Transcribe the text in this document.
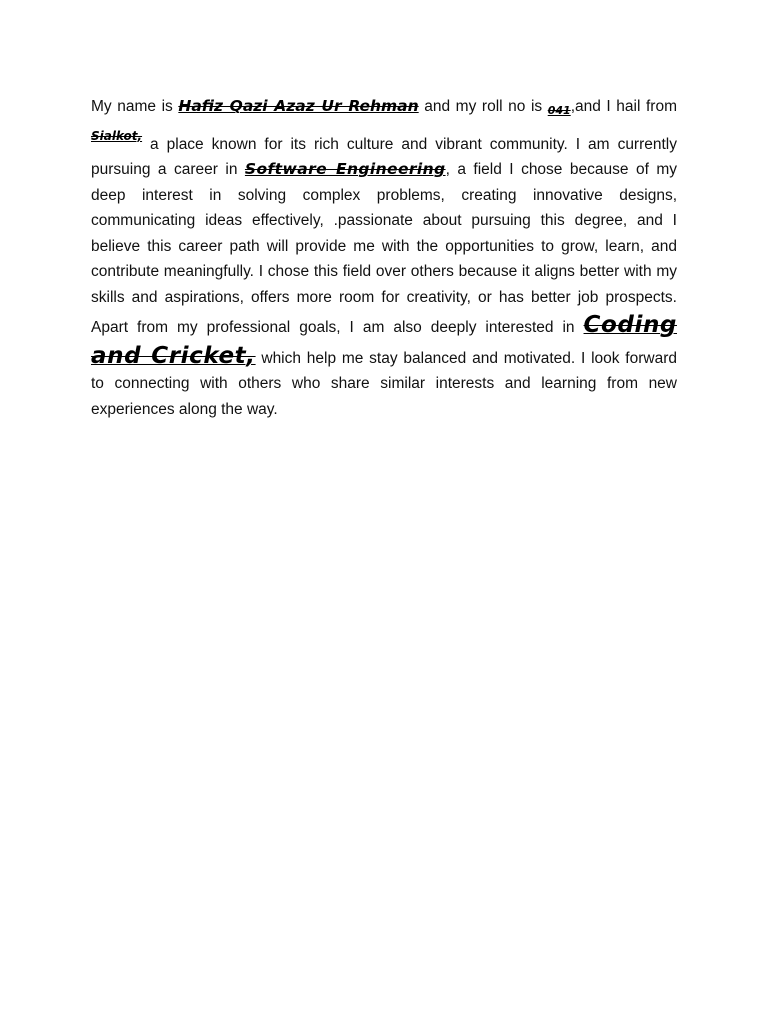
My name is Hafiz Qazi Azaz Ur Rehman and my roll no is 041,and I hail from $^{Sialkot,}$ a place known for its rich culture and vibrant community. I am currently pursuing a career in Software Engineering, a field I chose because of my deep interest in solving complex problems, creating innovative designs, communicating ideas effectively, .passionate about pursuing this degree, and I believe this career path will provide me with the opportunities to grow, learn, and contribute meaningfully. I chose this field over others because it aligns better with my skills and aspirations, offers more room for creativity, or has better job prospects. Apart from my professional goals, I am also deeply interested in Coding and Cricket, which help me stay balanced and motivated. I look forward to connecting with others who share similar interests and learning from new experiences along the way.
